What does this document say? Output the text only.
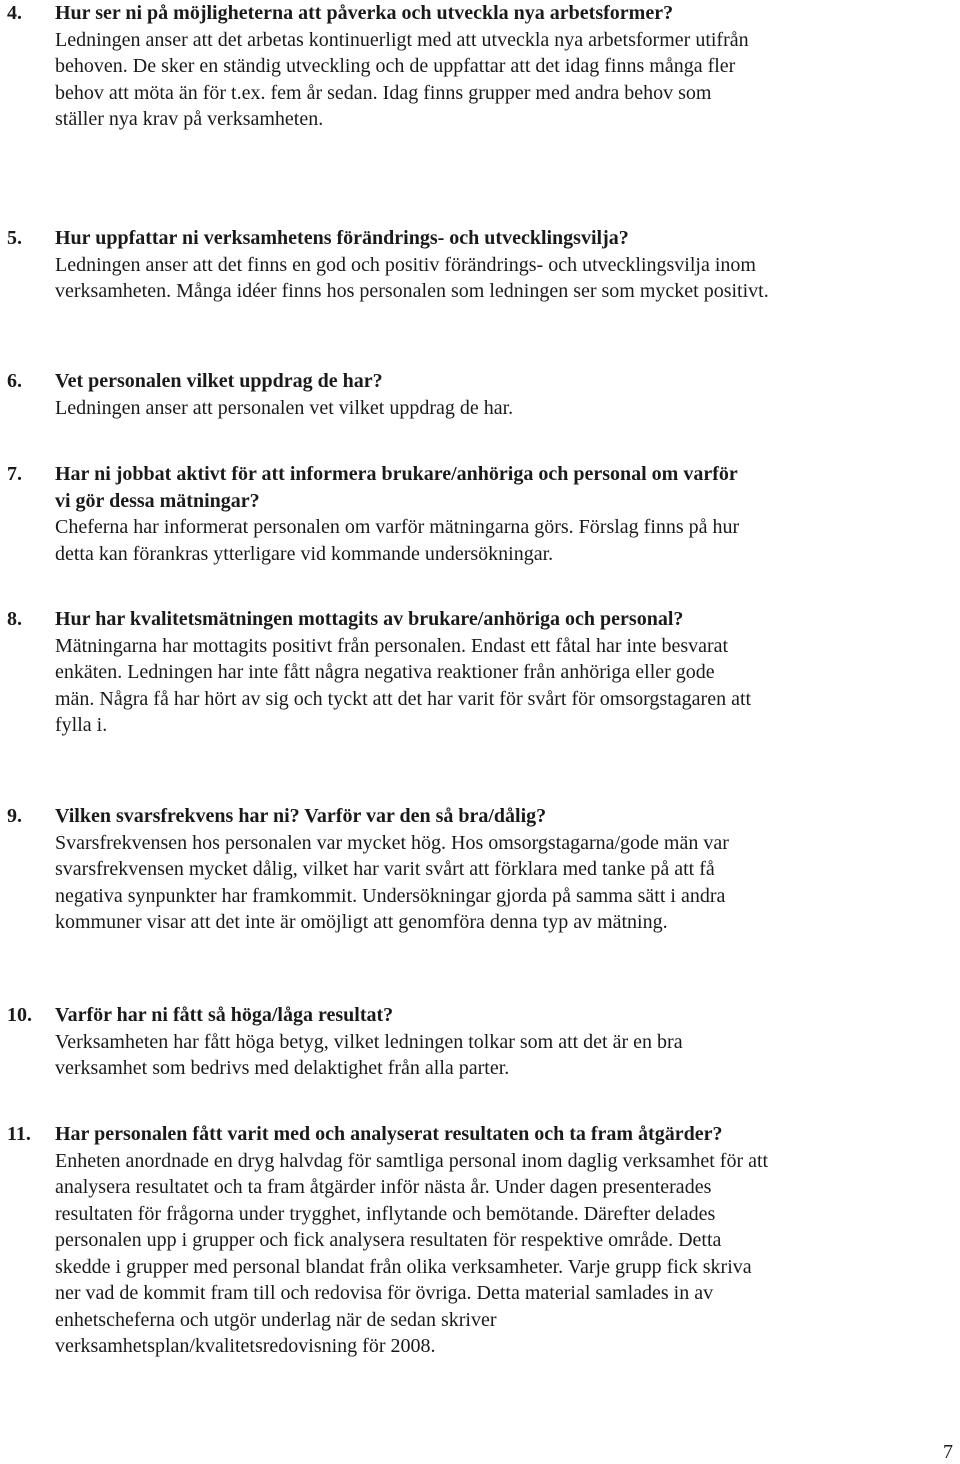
4. Hur ser ni på möjligheterna att påverka och utveckla nya arbetsformer?
Ledningen anser att det arbetas kontinuerligt med att utveckla nya arbetsformer utifrån behoven. De sker en ständig utveckling och de uppfattar att det idag finns många fler behov att möta än för t.ex. fem år sedan. Idag finns grupper med andra behov som ställer nya krav på verksamheten.
5. Hur uppfattar ni verksamhetens förändrings- och utvecklingsvilja?
Ledningen anser att det finns en god och positiv förändrings- och utvecklingsvilja inom verksamheten. Många idéer finns hos personalen som ledningen ser som mycket positivt.
6. Vet personalen vilket uppdrag de har?
Ledningen anser att personalen vet vilket uppdrag de har.
7. Har ni jobbat aktivt för att informera brukare/anhöriga och personal om varför vi gör dessa mätningar?
Cheferna har informerat personalen om varför mätningarna görs. Förslag finns på hur detta kan förankras ytterligare vid kommande undersökningar.
8. Hur har kvalitetsmätningen mottagits av brukare/anhöriga och personal?
Mätningarna har mottagits positivt från personalen. Endast ett fåtal har inte besvarat enkäten. Ledningen har inte fått några negativa reaktioner från anhöriga eller gode män. Några få har hört av sig och tyckt att det har varit för svårt för omsorgstagaren att fylla i.
9. Vilken svarsfrekvens har ni? Varför var den så bra/dålig?
Svarsfrekvensen hos personalen var mycket hög. Hos omsorgstagarna/gode män var svarsfrekvensen mycket dålig, vilket har varit svårt att förklara med tanke på att få negativa synpunkter har framkommit. Undersökningar gjorda på samma sätt i andra kommuner visar att det inte är omöjligt att genomföra denna typ av mätning.
10. Varför har ni fått så höga/låga resultat?
Verksamheten har fått höga betyg, vilket ledningen tolkar som att det är en bra verksamhet som bedrivs med delaktighet från alla parter.
11. Har personalen fått varit med och analyserat resultaten och ta fram åtgärder?
Enheten anordnade en dryg halvdag för samtliga personal inom daglig verksamhet för att analysera resultatet och ta fram åtgärder inför nästa år. Under dagen presenterades resultaten för frågorna under trygghet, inflytande och bemötande. Därefter delades personalen upp i grupper och fick analysera resultaten för respektive område. Detta skedde i grupper med personal blandat från olika verksamheter. Varje grupp fick skriva ner vad de kommit fram till och redovisa för övriga. Detta material samlades in av enhetscheferna och utgör underlag när de sedan skriver verksamhetsplan/kvalitetsredovisning för 2008.
7
